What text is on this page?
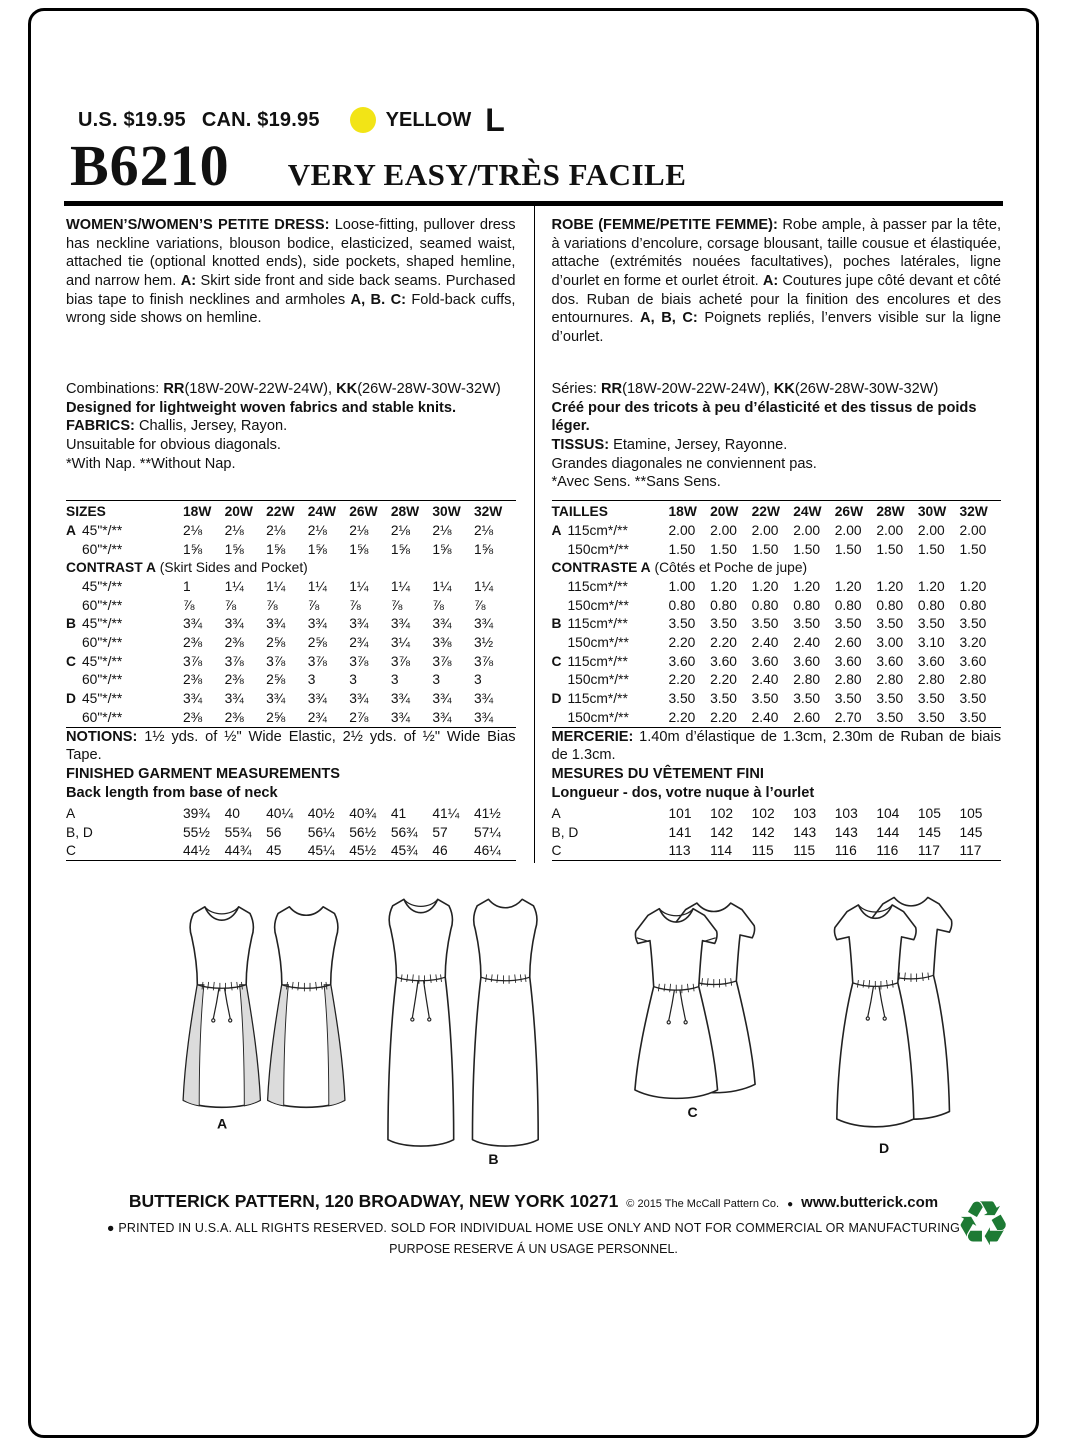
U.S. $19.95 CAN. $19.95	YELLOW L
B6210 VERY EASY/TRÈS FACILE

WOMEN’S/WOMEN’S PETITE DRESS: Loose-fitting, pullover dress has neckline variations, blouson bodice, elasticized, seamed waist, attached tie (optional knotted ends), side pockets, shaped hemline, and narrow hem. A: Skirt side front and side back seams. Purchased bias tape to finish necklines and armholes A, B. C: Fold-back cuffs, wrong side shows on hemline.

Combinations: RR(18W-20W-22W-24W), KK(26W-28W-30W-32W)

Designed for lightweight woven fabrics and stable knits.

FABRICS: Challis, Jersey, Rayon.

Unsuitable for obvious diagonals.

*With Nap. **Without Nap.

SIZES	18W	20W	22W	24W	26W	28W	30W	32W
A 45"*/**	2⅛	2⅛	2⅛	2⅛	2⅛	2⅛	2⅛	2⅛
60"*/**	1⅝	1⅝	1⅝	1⅝	1⅝	1⅝	1⅝	1⅝
CONTRAST A (Skirt Sides and Pocket)								
45"*/**	1	1¼	1¼	1¼	1¼	1¼	1¼	1¼
60"*/**	⅞	⅞	⅞	⅞	⅞	⅞	⅞	⅞
B 45"*/**	3¾	3¾	3¾	3¾	3¾	3¾	3¾	3¾
60"*/**	2⅜	2⅜	2⅝	2⅝	2¾	3¼	3⅜	3½
C 45"*/**	3⅞	3⅞	3⅞	3⅞	3⅞	3⅞	3⅞	3⅞
60"*/**	2⅜	2⅜	2⅝	3	3	3	3	3
D 45"*/**	3¾	3¾	3¾	3¾	3¾	3¾	3¾	3¾
60"*/**	2⅜	2⅜	2⅝	2¾	2⅞	3¾	3¾	3¾

NOTIONS: 1½ yds. of ½" Wide Elastic, 2½ yds. of ½" Wide Bias Tape.

FINISHED GARMENT MEASUREMENTS

Back length from base of neck

A	39¾	40	40¼	40½	40¾	41	41¼	41½
B, D	55½	55¾	56	56¼	56½	56¾	57	57¼
C	44½	44¾	45	45¼	45½	45¾	46	46¼

ROBE (FEMME/PETITE FEMME): Robe ample, à passer par la tête, à variations d’encolure, corsage blousant, taille cousue et élastiquée, attache (extrémités nouées facultatives), poches latérales, ligne d’ourlet en forme et ourlet étroit. A: Coutures jupe côté devant et côté dos. Ruban de biais acheté pour la finition des encolures et des entournures. A, B, C: Poignets repliés, l’envers visible sur la ligne d’ourlet.

Séries: RR(18W-20W-22W-24W), KK(26W-28W-30W-32W)

Créé pour des tricots à peu d’élasticité et des tissus de poids léger.

TISSUS: Etamine, Jersey, Rayonne.

Grandes diagonales ne conviennent pas.

*Avec Sens. **Sans Sens.

TAILLES	18W	20W	22W	24W	26W	28W	30W	32W
A 115cm*/**	2.00	2.00	2.00	2.00	2.00	2.00	2.00	2.00
150cm*/**	1.50	1.50	1.50	1.50	1.50	1.50	1.50	1.50
CONTRASTE A (Côtés et Poche de jupe)								
115cm*/**	1.00	1.20	1.20	1.20	1.20	1.20	1.20	1.20
150cm*/**	0.80	0.80	0.80	0.80	0.80	0.80	0.80	0.80
B 115cm*/**	3.50	3.50	3.50	3.50	3.50	3.50	3.50	3.50
150cm*/**	2.20	2.20	2.40	2.40	2.60	3.00	3.10	3.20
C 115cm*/**	3.60	3.60	3.60	3.60	3.60	3.60	3.60	3.60
150cm*/**	2.20	2.20	2.40	2.80	2.80	2.80	2.80	2.80
D 115cm*/**	3.50	3.50	3.50	3.50	3.50	3.50	3.50	3.50
150cm*/**	2.20	2.20	2.40	2.60	2.70	3.50	3.50	3.50

MERCERIE: 1.40m d’élastique de 1.3cm, 2.30m de Ruban de biais de 1.3cm.

MESURES DU VÊTEMENT FINI

Longueur - dos, votre nuque à l’ourlet

A	101	102	102	103	103	104	105	105
B, D	141	142	142	143	143	144	145	145
C	113	114	115	115	116	116	117	117
A
B
C
D
BUTTERICK PATTERN, 120 BROADWAY, NEW YORK 10271 © 2015 The McCall Pattern Co. ● www.butterick.com
● PRINTED IN U.S.A. ALL RIGHTS RESERVED. SOLD FOR INDIVIDUAL HOME USE ONLY AND NOT FOR COMMERCIAL OR MANUFACTURING
PURPOSE RESERVE Á UN USAGE PERSONNEL.	♻
